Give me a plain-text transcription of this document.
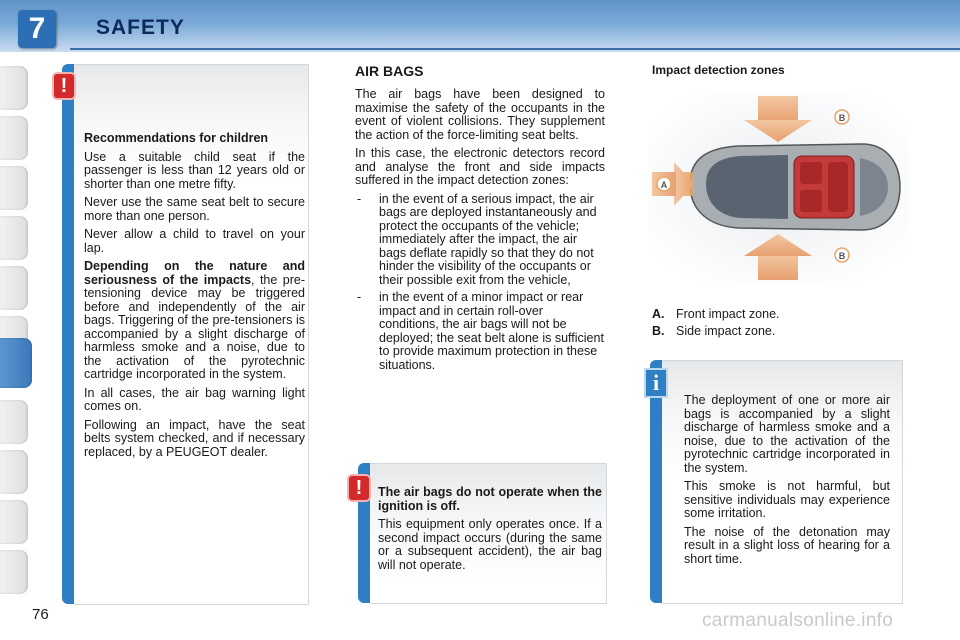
7	SAFETY
!

Recommendations for children

Use a suitable child seat if the passenger is less than 12 years old or shorter than one metre fifty.

Never use the same seat belt to secure more than one person.

Never allow a child to travel on your lap.

Depending on the nature and seriousness of the impacts, the pre-tensioning device may be triggered before and independently of the air bags. Triggering of the pre-tensioners is accompanied by a slight discharge of harmless smoke and a noise, due to the activation of the pyrotechnic cartridge incorporated in the system.

In all cases, the air bag warning light comes on.

Following an impact, have the seat belts system checked, and if necessary replaced, by a PEUGEOT dealer.

AIR BAGS

The air bags have been designed to maximise the safety of the occupants in the event of violent collisions. They supplement the action of the force-limiting seat belts.

In this case, the electronic detectors record and analyse the front and side impacts suffered in the impact detection zones:

- in the event of a serious impact, the air bags are deployed instantaneously and protect the occupants of the vehicle; immediately after the impact, the air bags deflate rapidly so that they do not hinder the visibility of the occupants or their possible exit from the vehicle,
- in the event of a minor impact or rear impact and in certain roll-over conditions, the air bags will not be deployed; the seat belt alone is sufficient to provide maximum protection in these situations.
!	The air bags do not operate when the ignition is off.

This equipment only operates once. If a second impact occurs (during the same or a subsequent accident), the air bag will not operate.

Impact detection zones
A
B
B
A. Front impact zone.
B. Side impact zone.
i

The deployment of one or more air bags is accompanied by a slight discharge of harmless smoke and a noise, due to the activation of the pyrotechnic cartridge incorporated in the system.

This smoke is not harmful, but sensitive individuals may experience some irritation.

The noise of the detonation may result in a slight loss of hearing for a short time.

76	carmanualsonline.info
